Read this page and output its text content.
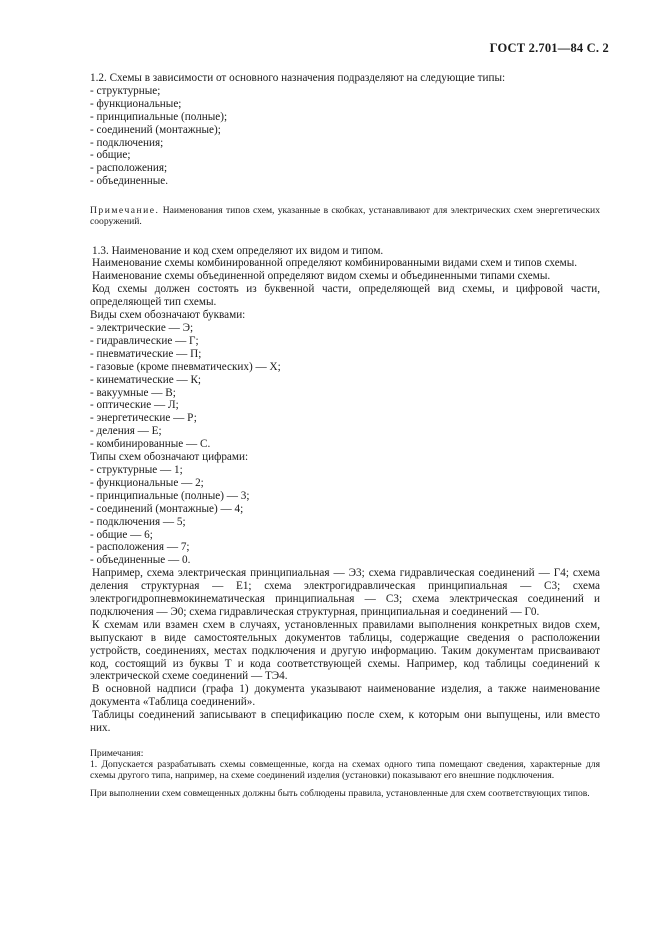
ГОСТ 2.701—84 С. 2

1.2. Схемы в зависимости от основного назначения подразделяют на следующие типы:

- структурные;

- функциональные;

- принципиальные (полные);

- соединений (монтажные);

- подключения;

- общие;

- расположения;

- объединенные.

Примечание. Наименования типов схем, указанные в скобках, устанавливают для электрических схем энергетических сооружений.

1.3. Наименование и код схем определяют их видом и типом.

Наименование схемы комбинированной определяют комбинированными видами схем и типов схемы.

Наименование схемы объединенной определяют видом схемы и объединенными типами схемы.

Код схемы должен состоять из буквенной части, определяющей вид схемы, и цифровой части, определяющей тип схемы.

Виды схем обозначают буквами:

- электрические — Э;

- гидравлические — Г;

- пневматические — П;

- газовые (кроме пневматических) — Х;

- кинематические — К;

- вакуумные — В;

- оптические — Л;

- энергетические — Р;

- деления — Е;

- комбинированные — С.

Типы схем обозначают цифрами:

- структурные — 1;

- функциональные — 2;

- принципиальные (полные) — 3;

- соединений (монтажные) — 4;

- подключения — 5;

- общие — 6;

- расположения — 7;

- объединенные — 0.

Например, схема электрическая принципиальная — Э3; схема гидравлическая соединений — Г4; схема деления структурная — Е1; схема электрогидравлическая принципиальная — С3; схема электрогидропневмокинематическая принципиальная — С3; схема электрическая соединений и подключения — Э0; схема гидравлическая структурная, принципиальная и соединений — Г0.

К схемам или взамен схем в случаях, установленных правилами выполнения конкретных видов схем, выпускают в виде самостоятельных документов таблицы, содержащие сведения о расположении устройств, соединениях, местах подключения и другую информацию. Таким документам присваивают код, состоящий из буквы Т и кода соответствующей схемы. Например, код таблицы соединений к электрической схеме соединений — ТЭ4.

В основной надписи (графа 1) документа указывают наименование изделия, а также наименование документа «Таблица соединений».

Таблицы соединений записывают в спецификацию после схем, к которым они выпущены, или вместо них.

Примечания:

1. Допускается разрабатывать схемы совмещенные, когда на схемах одного типа помещают сведения, характерные для схемы другого типа, например, на схеме соединений изделия (установки) показывают его внешние подключения.

При выполнении схем совмещенных должны быть соблюдены правила, установленные для схем соответствующих типов.
